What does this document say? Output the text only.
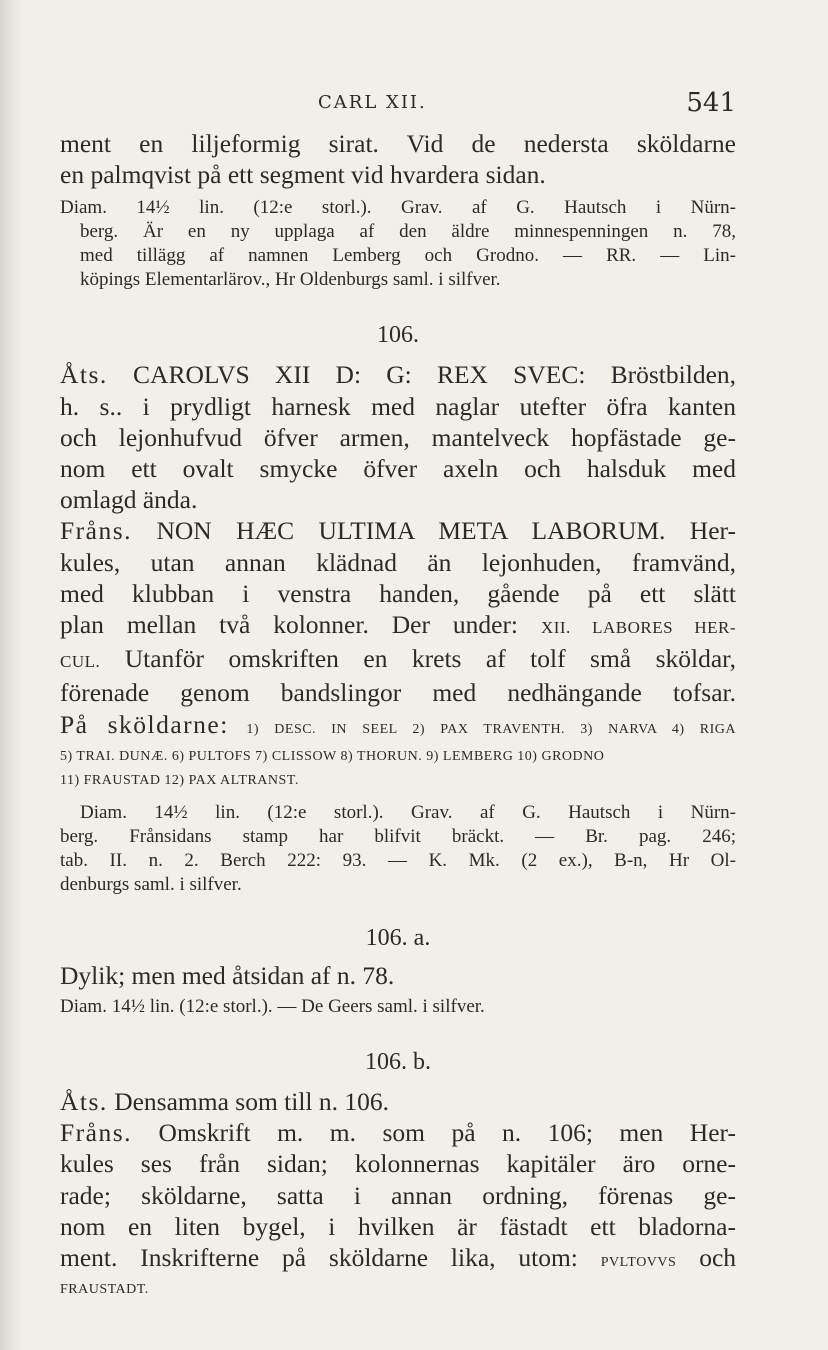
CARL XII.	541

ment en liljeformig sirat. Vid de nedersta sköldarne
en palmqvist på ett segment vid hvardera sidan.

Diam. 14½ lin. (12:e storl.). Grav. af G. Hautsch i Nürn-
berg. Är en ny upplaga af den äldre minnespenningen n. 78,
med tillägg af namnen Lemberg och Grodno. — RR. — Lin-
köpings Elementarlärov., Hr Oldenburgs saml. i silfver.

106.

Åts. CAROLVS XII D: G: REX SVEC: Bröstbilden,
h. s.. i prydligt harnesk med naglar utefter öfra kanten
och lejonhufvud öfver armen, mantelveck hopfästade ge-
nom ett ovalt smycke öfver axeln och halsduk med
omlagd ända.

Fråns. NON HÆC ULTIMA META LABORUM. Her-
kules, utan annan klädnad än lejonhuden, framvänd,
med klubban i venstra handen, gående på ett slätt
plan mellan två kolonner. Der under: XII. LABORES HER-
CUL. Utanför omskriften en krets af tolf små sköldar,
förenade genom bandslingor med nedhängande tofsar.

På sköldarne: 1) DESC. IN SEEL 2) PAX TRAVENTH. 3) NARVA 4) RIGA

5) TRAI. DUNÆ. 6) PULTOFS 7) CLISSOW 8) THORUN. 9) LEMBERG 10) GRODNO
11) FRAUSTAD 12) PAX ALTRANST.

Diam. 14½ lin. (12:e storl.). Grav. af G. Hautsch i Nürn-
berg. Frånsidans stamp har blifvit bräckt. — Br. pag. 246;
tab. II. n. 2. Berch 222: 93. — K. Mk. (2 ex.), B-n, Hr Ol-
denburgs saml. i silfver.

106. a.

Dylik; men med åtsidan af n. 78.

Diam. 14½ lin. (12:e storl.). — De Geers saml. i silfver.

106. b.

Åts. Densamma som till n. 106.

Fråns. Omskrift m. m. som på n. 106; men Her-
kules ses från sidan; kolonnernas kapitäler äro orne-
rade; sköldarne, satta i annan ordning, förenas ge-
nom en liten bygel, i hvilken är fästadt ett bladorna-
ment. Inskrifterne på sköldarne lika, utom: PVLTOVVS och

FRAUSTADT.
